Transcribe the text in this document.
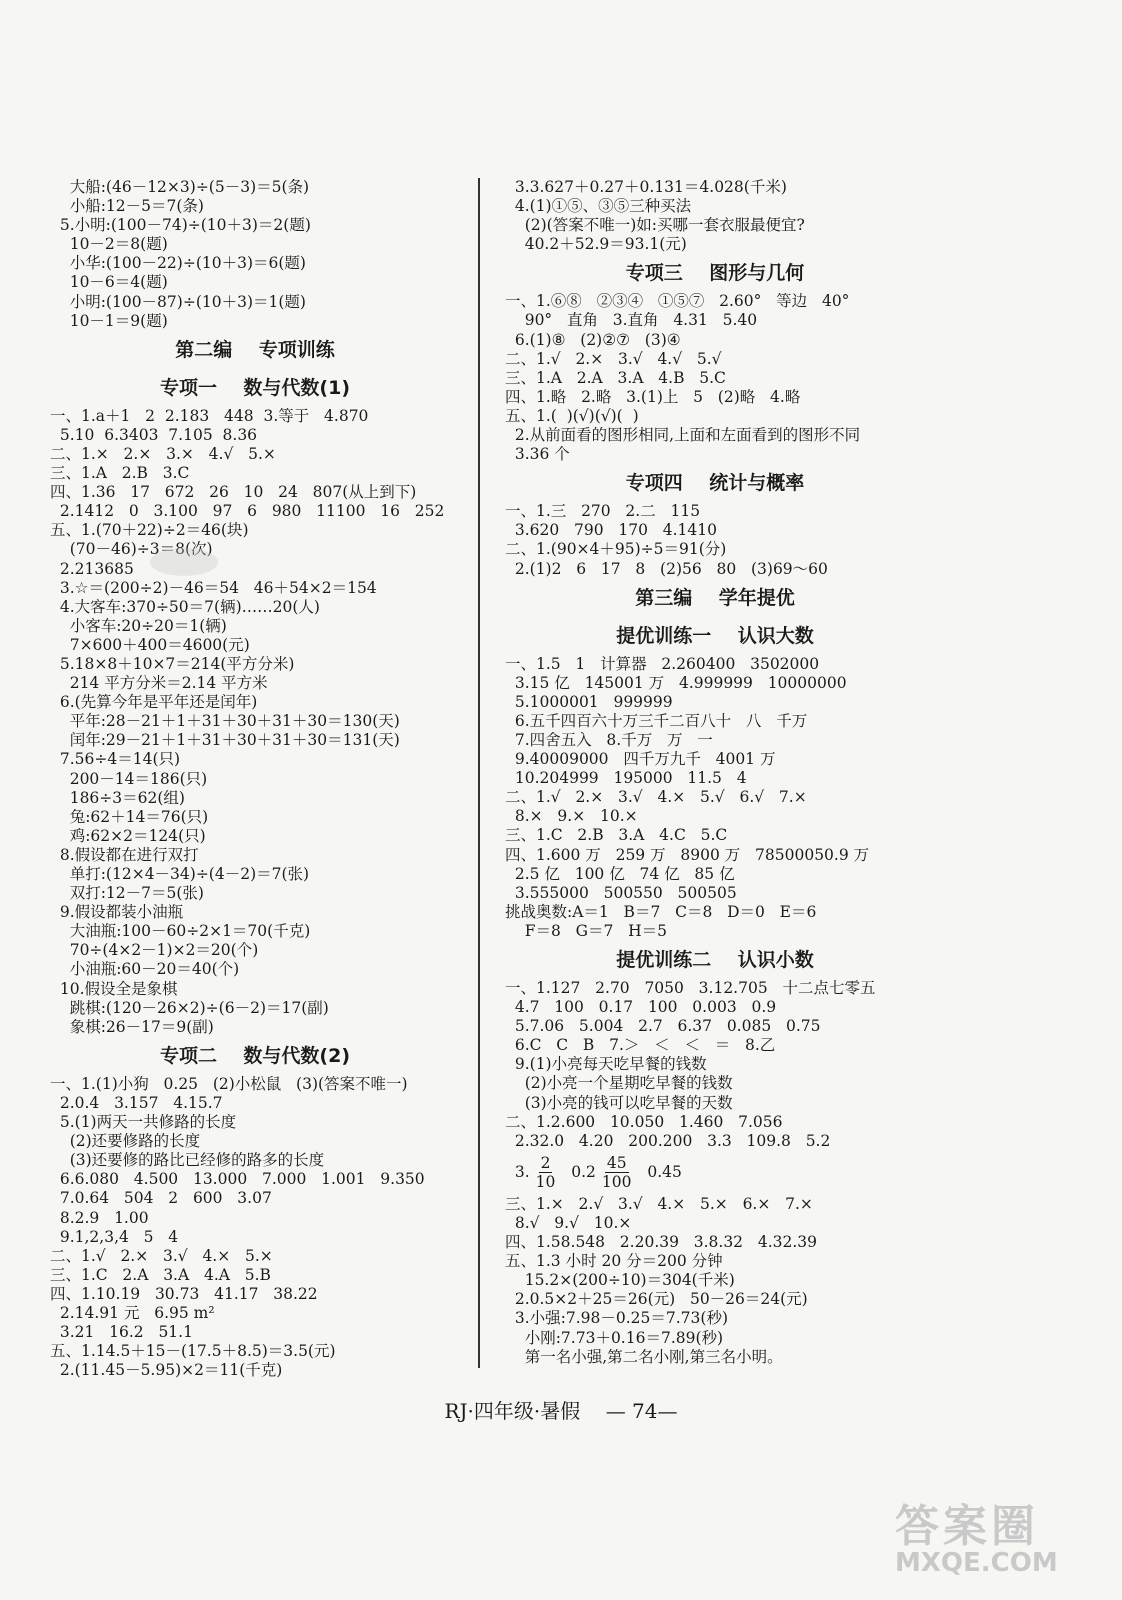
大船:(46－12×3)÷(5－3)＝5(条)
小船:12－5＝7(条)
5.小明:(100－74)÷(10＋3)＝2(题)
10－2＝8(题)
小华:(100－22)÷(10＋3)＝6(题)
10－6＝4(题)
小明:(100－87)÷(10＋3)＝1(题)
10－1＝9(题)
第二编    专项训练
专项一    数与代数(1)
一、1.a＋1   2  2.183   448  3.等于   4.870
5.10  6.3403  7.105  8.36
二、1.×   2.×   3.×   4.√   5.×
三、1.A   2.B   3.C
四、1.36   17   672   26   10   24   807(从上到下)
2.1412   0   3.100   97   6   980   11100   16   252
五、1.(70＋22)÷2＝46(块)
(70－46)÷3＝8(次)
2.213685
3.☆＝(200÷2)－46＝54   46＋54×2＝154
4.大客车:370÷50＝7(辆)……20(人)
小客车:20÷20＝1(辆)
7×600＋400＝4600(元)
5.18×8＋10×7＝214(平方分米)
214 平方分米＝2.14 平方米
6.(先算今年是平年还是闰年)
平年:28－21＋1＋31＋30＋31＋30＝130(天)
闰年:29－21＋1＋31＋30＋31＋30＝131(天)
7.56÷4＝14(只)
200－14＝186(只)
186÷3＝62(组)
兔:62＋14＝76(只)
鸡:62×2＝124(只)
8.假设都在进行双打
单打:(12×4－34)÷(4－2)＝7(张)
双打:12－7＝5(张)
9.假设都装小油瓶
大油瓶:100－60÷2×1＝70(千克)
70÷(4×2－1)×2＝20(个)
小油瓶:60－20＝40(个)
10.假设全是象棋
跳棋:(120－26×2)÷(6－2)＝17(副)
象棋:26－17＝9(副)
专项二    数与代数(2)
一、1.(1)小狗   0.25   (2)小松鼠   (3)(答案不唯一)
2.0.4   3.157   4.15.7
5.(1)两天一共修路的长度
(2)还要修路的长度
(3)还要修的路比已经修的路多的长度
6.6.080   4.500   13.000   7.000   1.001   9.350
7.0.64   504   2   600   3.07
8.2.9   1.00
9.1,2,3,4   5   4
二、1.√   2.×   3.√   4.×   5.×
三、1.C   2.A   3.A   4.A   5.B
四、1.10.19   30.73   41.17   38.22
2.14.91 元   6.95 m²
3.21   16.2   51.1
五、1.14.5＋15－(17.5＋8.5)＝3.5(元)
2.(11.45－5.95)×2＝11(千克)
3.3.627＋0.27＋0.131＝4.028(千米)
4.(1)①⑤、③⑤三种买法
(2)(答案不唯一)如:买哪一套衣服最便宜?
40.2＋52.9＝93.1(元)
专项三    图形与几何
一、1.⑥⑧   ②③④   ①⑤⑦   2.60°   等边   40°
90°   直角   3.直角   4.31   5.40
6.(1)⑧   (2)②⑦   (3)④
二、1.√   2.×   3.√   4.√   5.√
三、1.A   2.A   3.A   4.B   5.C
四、1.略   2.略   3.(1)上   5   (2)略   4.略
五、1.(  )(√)(√)(  )
2.从前面看的图形相同,上面和左面看到的图形不同
3.36 个
专项四    统计与概率
一、1.三   270   2.二   115
3.620   790   170   4.1410
二、1.(90×4＋95)÷5＝91(分)
2.(1)2   6   17   8   (2)56   80   (3)69～60
第三编    学年提优
提优训练一    认识大数
一、1.5   1   计算器   2.260400   3502000
3.15 亿   145001 万   4.999999   10000000
5.1000001   999999
6.五千四百六十万三千二百八十   八   千万
7.四舍五入   8.千万   万   一
9.40009000   四千万九千   4001 万
10.204999   195000   11.5   4
二、1.√   2.×   3.√   4.×   5.√   6.√   7.×
8.×   9.×   10.×
三、1.C   2.B   3.A   4.C   5.C
四、1.600 万   259 万   8900 万   78500050.9 万
2.5 亿   100 亿   74 亿   85 亿
3.555000   500550   500505
挑战奥数:A＝1   B＝7   C＝8   D＝0   E＝6
F＝8   G＝7   H＝5
提优训练二    认识小数
一、1.127   2.70   7050   3.12.705   十二点七零五
4.7   100   0.17   100   0.003   0.9
5.7.06   5.004   2.7   6.37   0.085   0.75
6.C   C   B   7.＞   ＜   ＜   ＝   8.乙
9.(1)小亮每天吃早餐的钱数
(2)小亮一个星期吃早餐的钱数
(3)小亮的钱可以吃早餐的天数
二、1.2.600   10.050   1.460   7.056
2.32.0   4.20   200.200   3.3   109.8   5.2
3. $\frac{2}{10} 0.2 \frac{45}{100} 0.45$
三、1.×   2.√   3.√   4.×   5.×   6.×   7.×
8.√   9.√   10.×
四、1.58.548   2.20.39   3.8.32   4.32.39
五、1.3 小时 20 分＝200 分钟
15.2×(200÷10)＝304(千米)
2.0.5×2＋25＝26(元)   50－26＝24(元)
3.小强:7.98－0.25＝7.73(秒)
小刚:7.73＋0.16＝7.89(秒)
第一名小强,第二名小刚,第三名小明。
RJ·四年级·暑假    — 74—
答案圈
MXQE.COM
